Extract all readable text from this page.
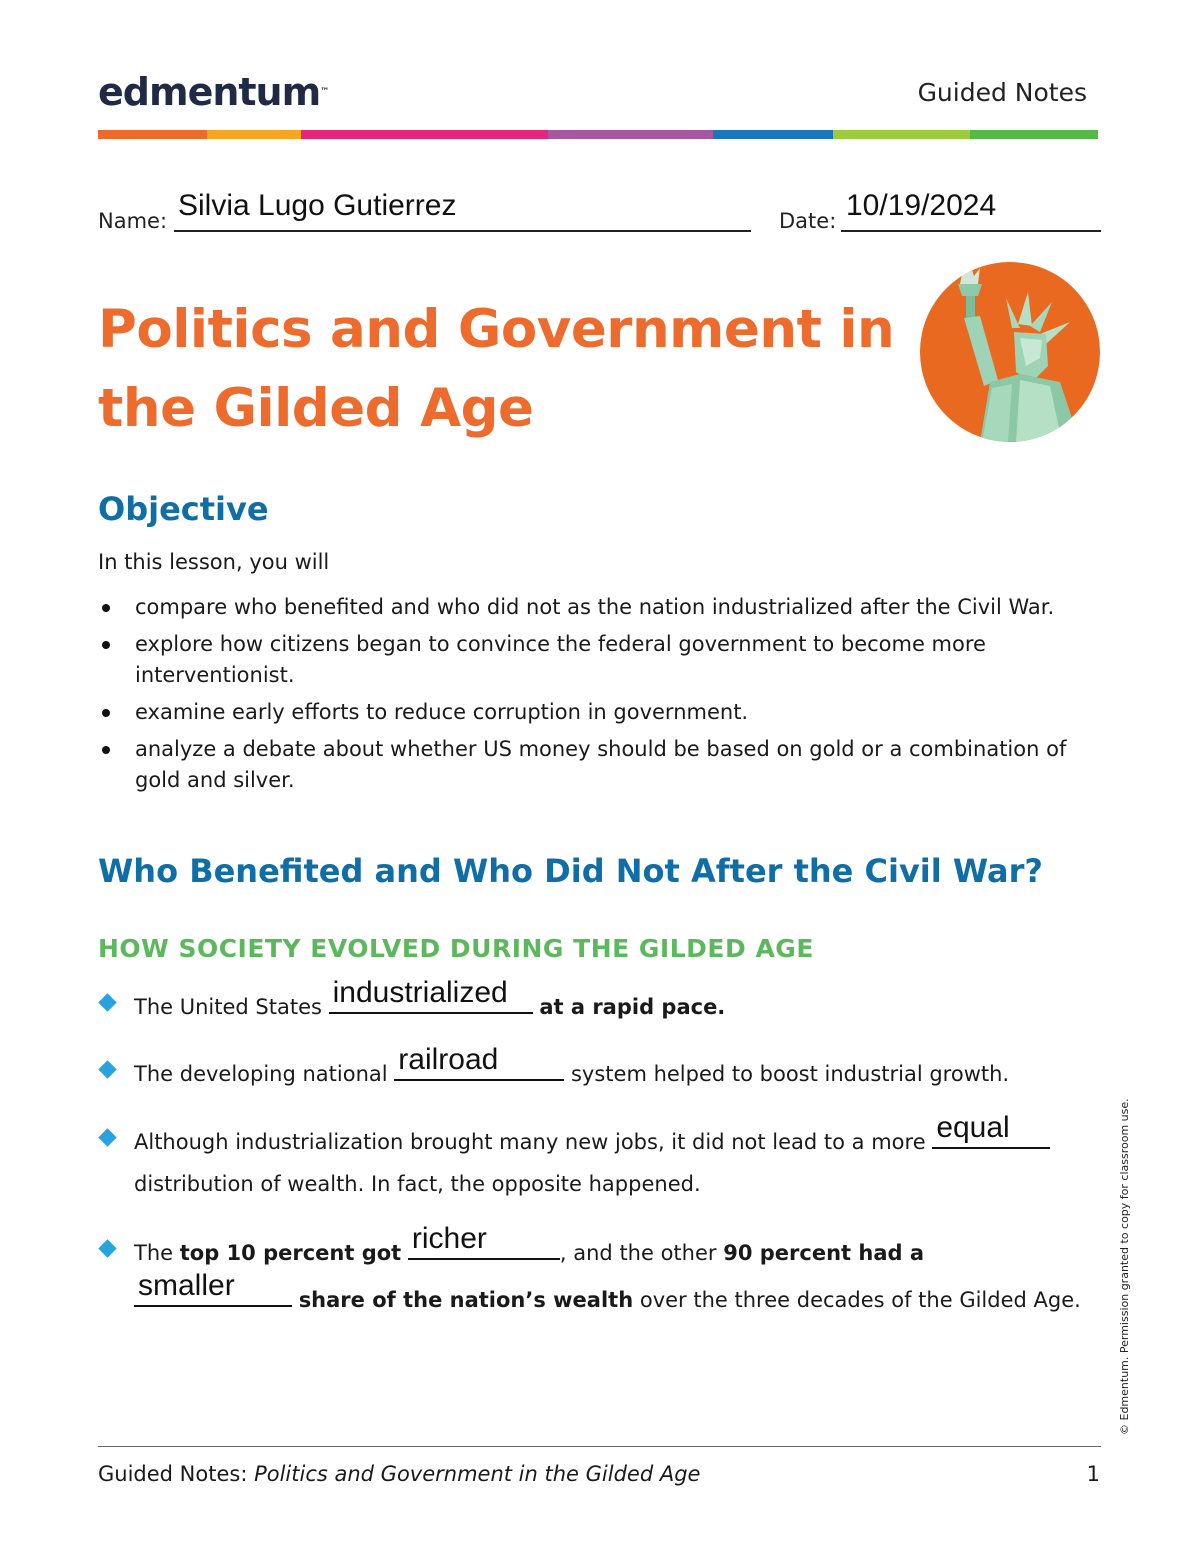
edmentum™	Guided Notes
Name: Silvia Lugo Gutierrez	Date: 10/19/2024
Politics and Government in
the Gilded Age
Objective
In this lesson, you will
compare who benefited and who did not as the nation industrialized after the Civil War.
explore how citizens began to convince the federal government to become more interventionist.
examine early efforts to reduce corruption in government.
analyze a debate about whether US money should be based on gold or a combination of gold and silver.
Who Benefited and Who Did Not After the Civil War?
HOW SOCIETY EVOLVED DURING THE GILDED AGE
The United States industrialized at a rapid pace.
The developing national railroad	system helped to boost industrial growth.
Although industrialization brought many new jobs, it did not lead to a more equal
distribution of wealth. In fact, the opposite happened.
The top 10 percent got richer	, and the other 90 percent had a
smaller	share of the nation’s wealth over the three decades of the Gilded Age.	© Edmentum. Permission granted to copy for classroom use.
Guided Notes: Politics and Government in the Gilded Age	1
